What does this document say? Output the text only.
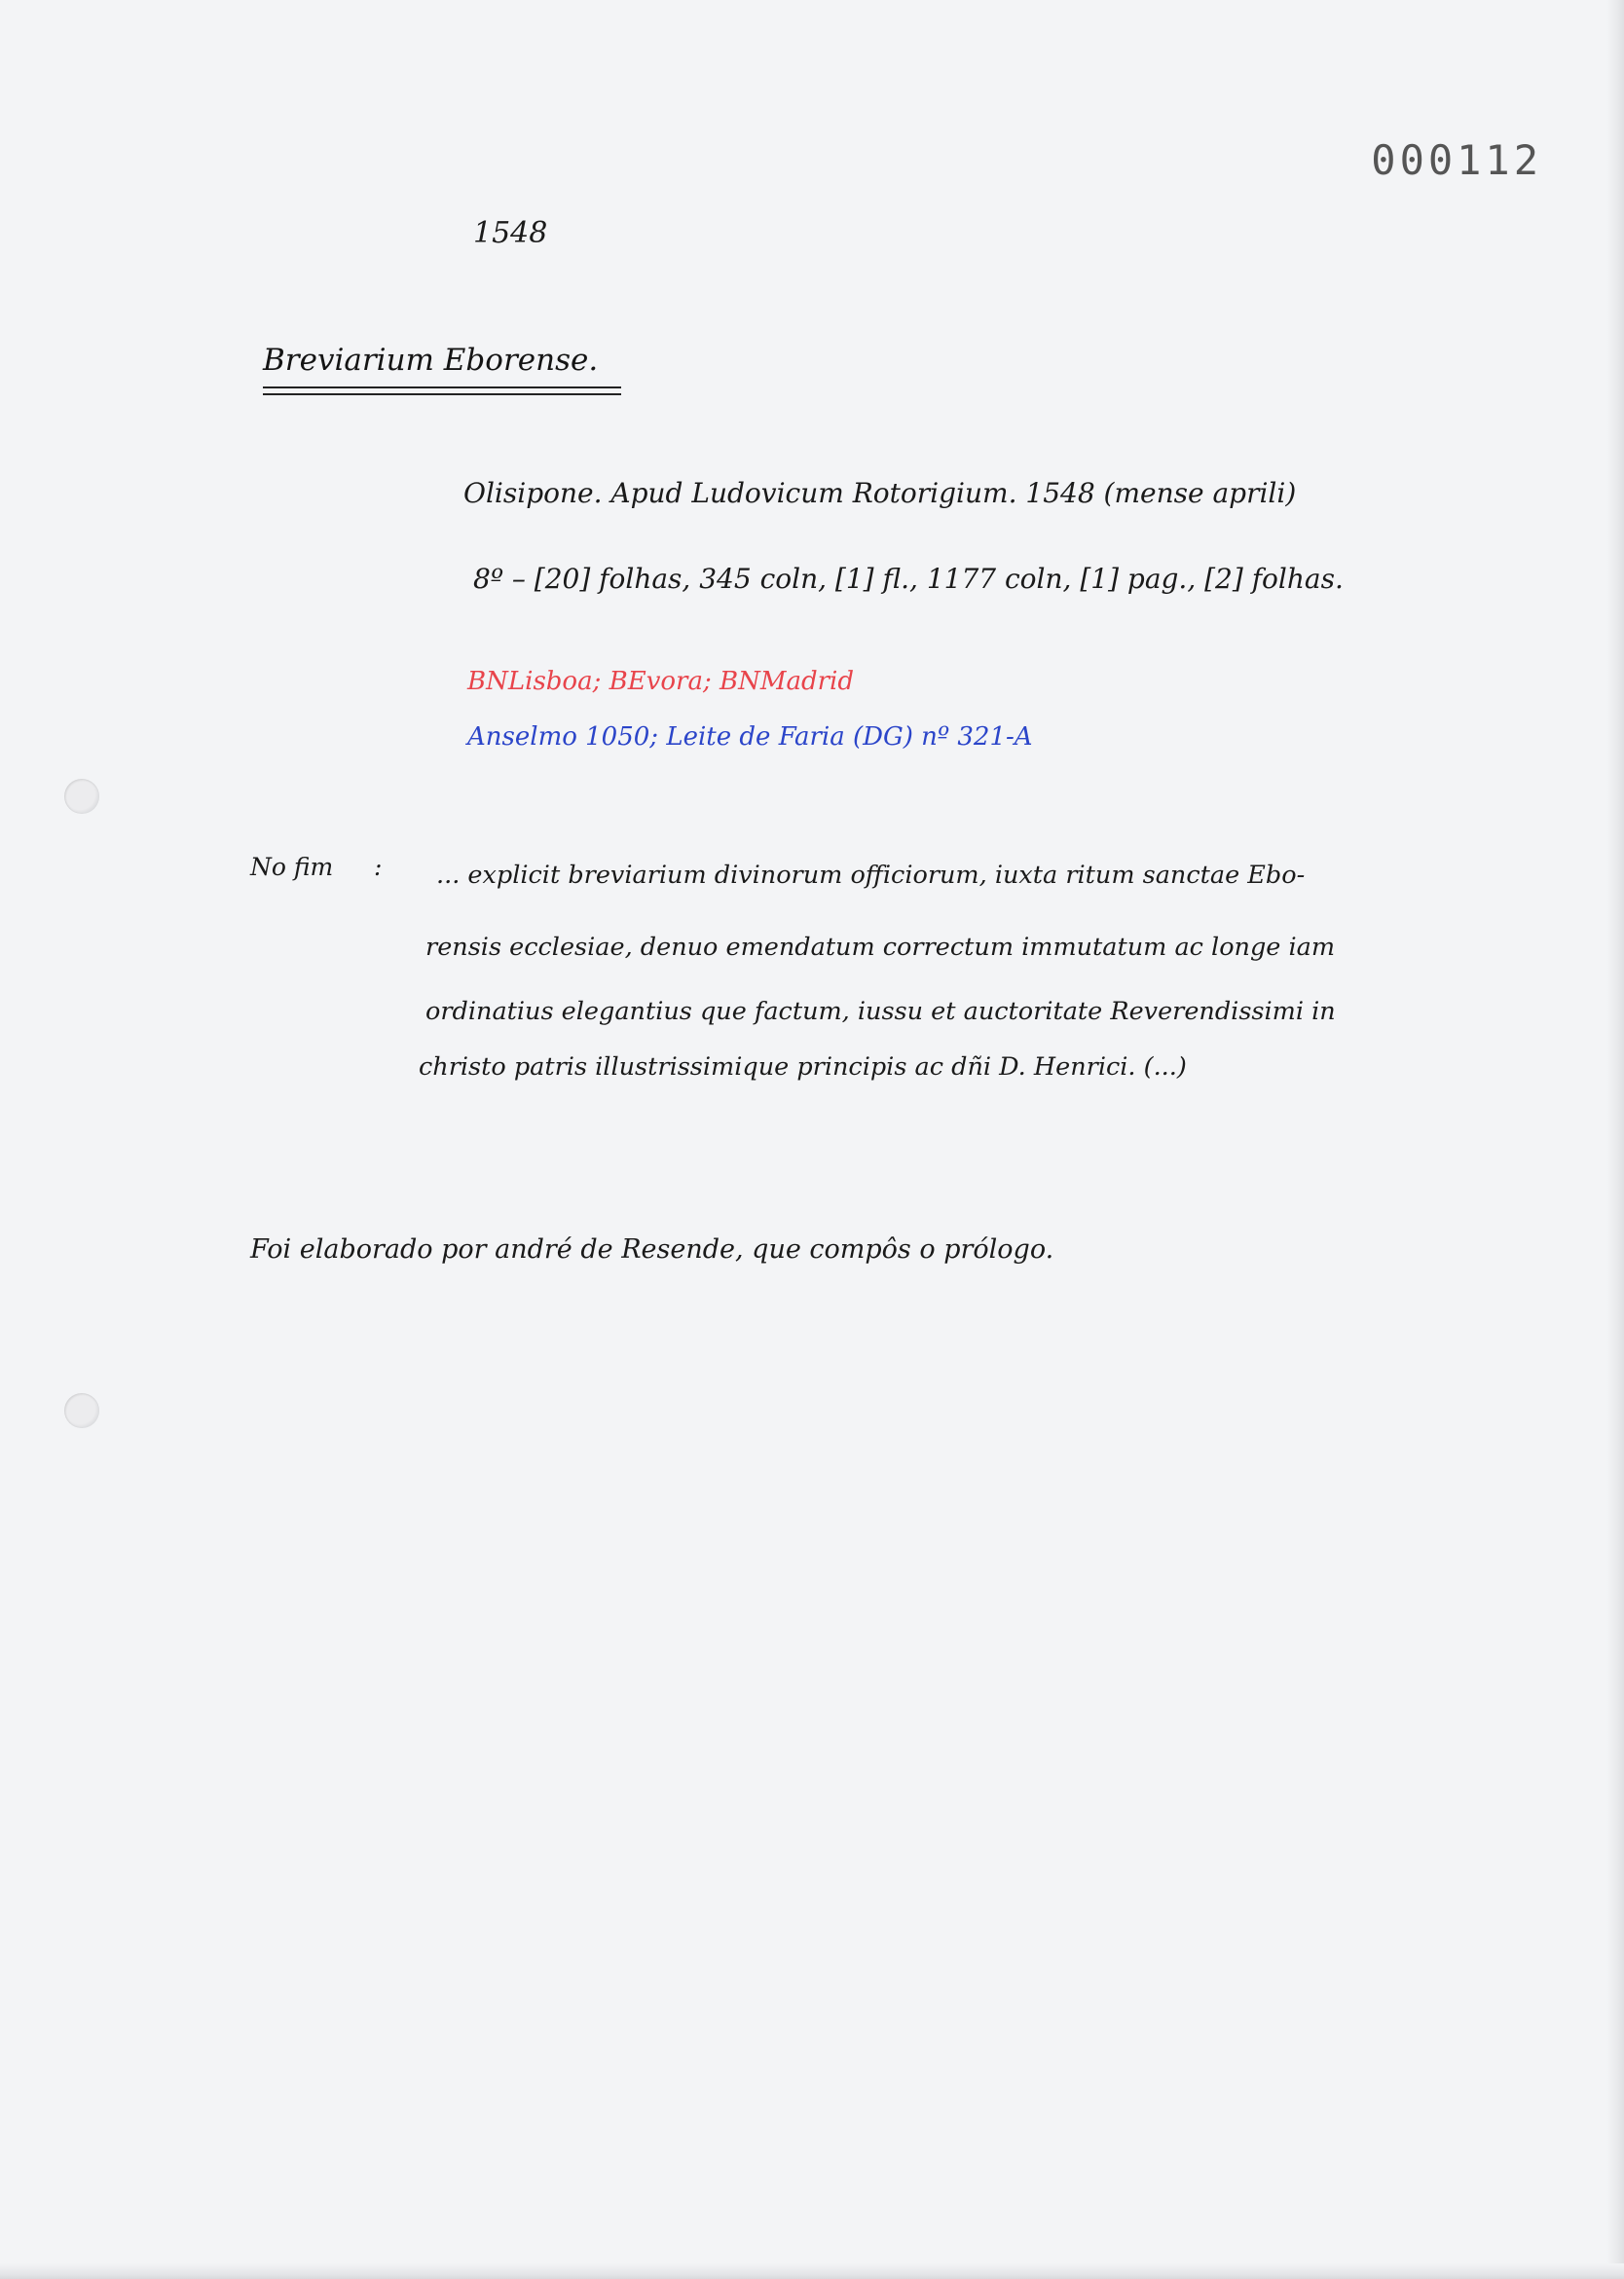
000112
1548
Breviarium Eborense.
Olisipone. Apud Ludovicum Rotorigium. 1548 (mense aprili)
8º – [20] folhas, 345 coln, [1] fl., 1177 coln, [1] pag., [2] folhas.
BNLisboa; BEvora; BNMadrid
Anselmo 1050; Leite de Faria (DG) nº 321-A
No fim : ... explicit breviarium divinorum officiorum, iuxta ritum sanctae Ebo-
rensis ecclesiae, denuo emendatum correctum immutatum ac longe iam
ordinatius elegantius que factum, iussu et auctoritate Reverendissimi in
christo patris illustrissimique principis ac dñi D. Henrici. (...)
Foi elaborado por andré de Resende, que compôs o prólogo.
